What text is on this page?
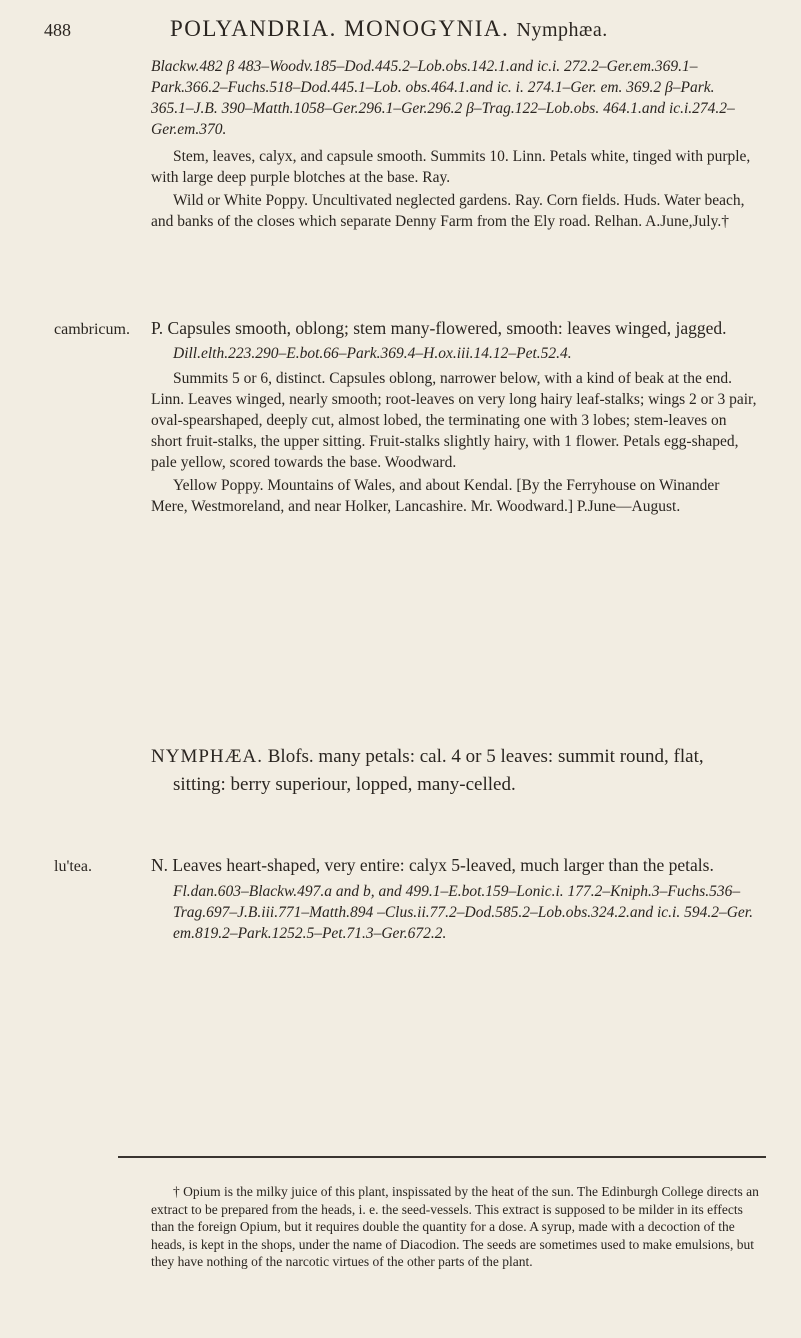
488	POLYANDRIA. MONOGYNIA. Nymphæa.

Blackw.482 β 483–Woodv.185–Dod.445.2–Lob.obs.142.1.and ic.i. 272.2–Ger.em.369.1–Park.366.2–Fuchs.518–Dod.445.1–Lob. obs.464.1.and ic. i. 274.1–Ger. em. 369.2 β–Park. 365.1–J.B. 390–Matth.1058–Ger.296.1–Ger.296.2 β–Trag.122–Lob.obs. 464.1.and ic.i.274.2–Ger.em.370.

Stem, leaves, calyx, and capsule smooth. Summits 10. Linn. Petals white, tinged with purple, with large deep purple blotches at the base. Ray.

Wild or White Poppy. Uncultivated neglected gardens. Ray. Corn fields. Huds. Water beach, and banks of the closes which separate Denny Farm from the Ely road. Relhan. A.June,July.†

cambricum. P. Capsules smooth, oblong; stem many-flowered, smooth: leaves winged, jagged.

Dill.elth.223.290–E.bot.66–Park.369.4–H.ox.iii.14.12–Pet.52.4.

Summits 5 or 6, distinct. Capsules oblong, narrower below, with a kind of beak at the end. Linn. Leaves winged, nearly smooth; root-leaves on very long hairy leaf-stalks; wings 2 or 3 pair, oval-spearshaped, deeply cut, almost lobed, the terminating one with 3 lobes; stem-leaves on short fruit-stalks, the upper sitting. Fruit-stalks slightly hairy, with 1 flower. Petals egg-shaped, pale yellow, scored towards the base. Woodward.

Yellow Poppy. Mountains of Wales, and about Kendal. [By the Ferryhouse on Winander Mere, Westmoreland, and near Holker, Lancashire. Mr. Woodward.] P.June—August.

NYMPHÆA. Blofs. many petals: cal. 4 or 5 leaves: summit round, flat, sitting: berry superiour, lopped, many-celled.

lu'tea.	N. Leaves heart-shaped, very entire: calyx 5-leaved, much larger than the petals.

Fl.dan.603–Blackw.497.a and b, and 499.1–E.bot.159–Lonic.i. 177.2–Kniph.3–Fuchs.536–Trag.697–J.B.iii.771–Matth.894 –Clus.ii.77.2–Dod.585.2–Lob.obs.324.2.and ic.i. 594.2–Ger. em.819.2–Park.1252.5–Pet.71.3–Ger.672.2.

† Opium is the milky juice of this plant, inspissated by the heat of the sun. The Edinburgh College directs an extract to be prepared from the heads, i. e. the seed-vessels. This extract is supposed to be milder in its effects than the foreign Opium, but it requires double the quantity for a dose. A syrup, made with a decoction of the heads, is kept in the shops, under the name of Diacodion. The seeds are sometimes used to make emulsions, but they have nothing of the narcotic virtues of the other parts of the plant.
